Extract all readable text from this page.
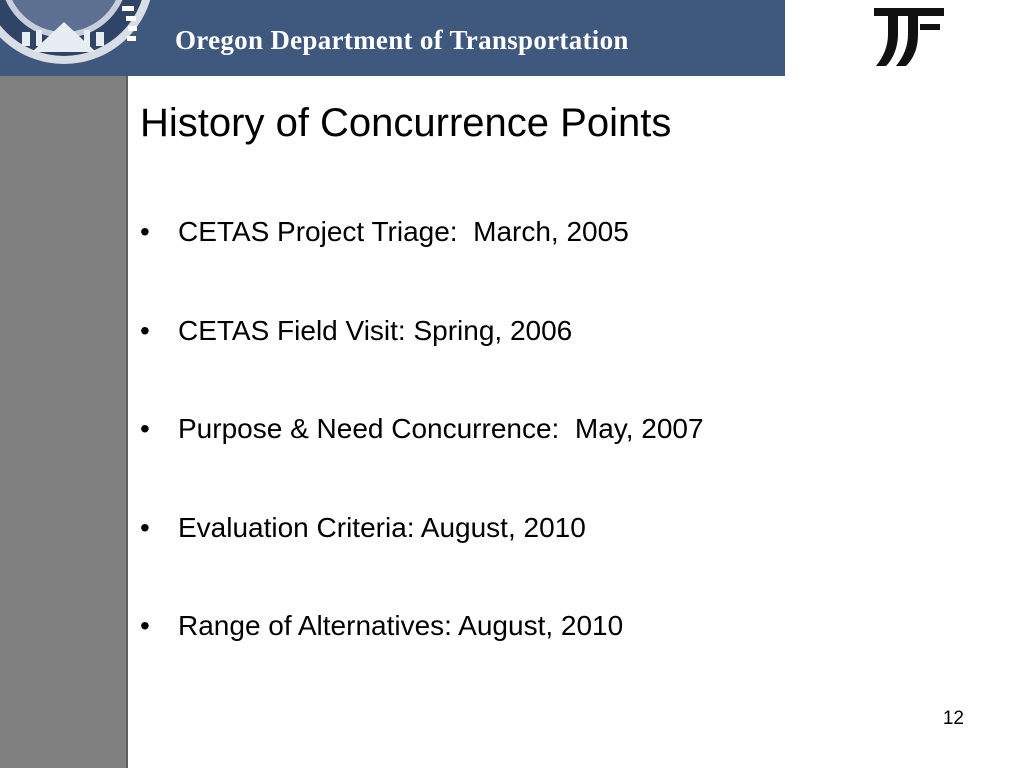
Oregon Department of Transportation
History of Concurrence Points

•

	CETAS Project Triage:  March, 2005

•

	CETAS Field Visit: Spring, 2006

•

	Purpose & Need Concurrence:  May, 2007

•

	Evaluation Criteria: August, 2010

•

	Range of Alternatives: August, 2010

12
